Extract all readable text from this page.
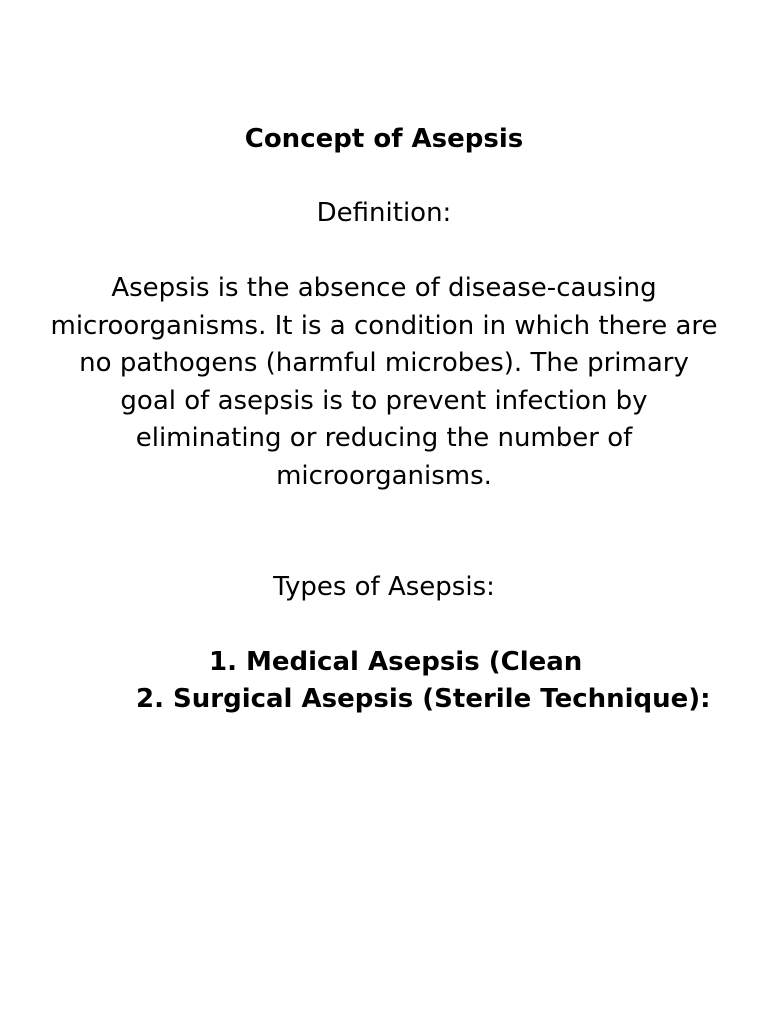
Concept of Asepsis
Definition:

Asepsis is the absence of disease-causing
microorganisms. It is a condition in which there are
no pathogens (harmful microbes). The primary
goal of asepsis is to prevent infection by
eliminating or reducing the number of
microorganisms.

Types of Asepsis:
1. Medical Asepsis (Clean
2. Surgical Asepsis (Sterile Technique):
